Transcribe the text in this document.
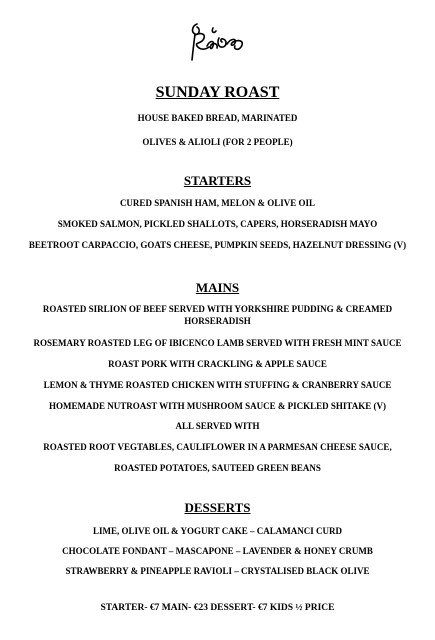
SUNDAY ROAST
HOUSE BAKED BREAD, MARINATED
OLIVES & ALIOLI (FOR 2 PEOPLE)
STARTERS
CURED SPANISH HAM, MELON & OLIVE OIL
SMOKED SALMON, PICKLED SHALLOTS, CAPERS, HORSERADISH MAYO
BEETROOT CARPACCIO, GOATS CHEESE, PUMPKIN SEEDS, HAZELNUT DRESSING (V)
MAINS
ROASTED SIRLION OF BEEF SERVED WITH YORKSHIRE PUDDING & CREAMED HORSERADISH
ROSEMARY ROASTED LEG OF IBICENCO LAMB SERVED WITH FRESH MINT SAUCE
ROAST PORK WITH CRACKLING & APPLE SAUCE
LEMON & THYME ROASTED CHICKEN WITH STUFFING & CRANBERRY SAUCE
HOMEMADE NUTROAST WITH MUSHROOM SAUCE & PICKLED SHITAKE (V)
ALL SERVED WITH
ROASTED ROOT VEGTABLES, CAULIFLOWER IN A PARMESAN CHEESE SAUCE,
ROASTED POTATOES, SAUTEED GREEN BEANS
DESSERTS
LIME, OLIVE OIL & YOGURT CAKE – CALAMANCI CURD
CHOCOLATE FONDANT – MASCAPONE – LAVENDER & HONEY CRUMB
STRAWBERRY & PINEAPPLE RAVIOLI – CRYSTALISED BLACK OLIVE
STARTER- €7 MAIN- €23 DESSERT- €7 KIDS ½ PRICE
